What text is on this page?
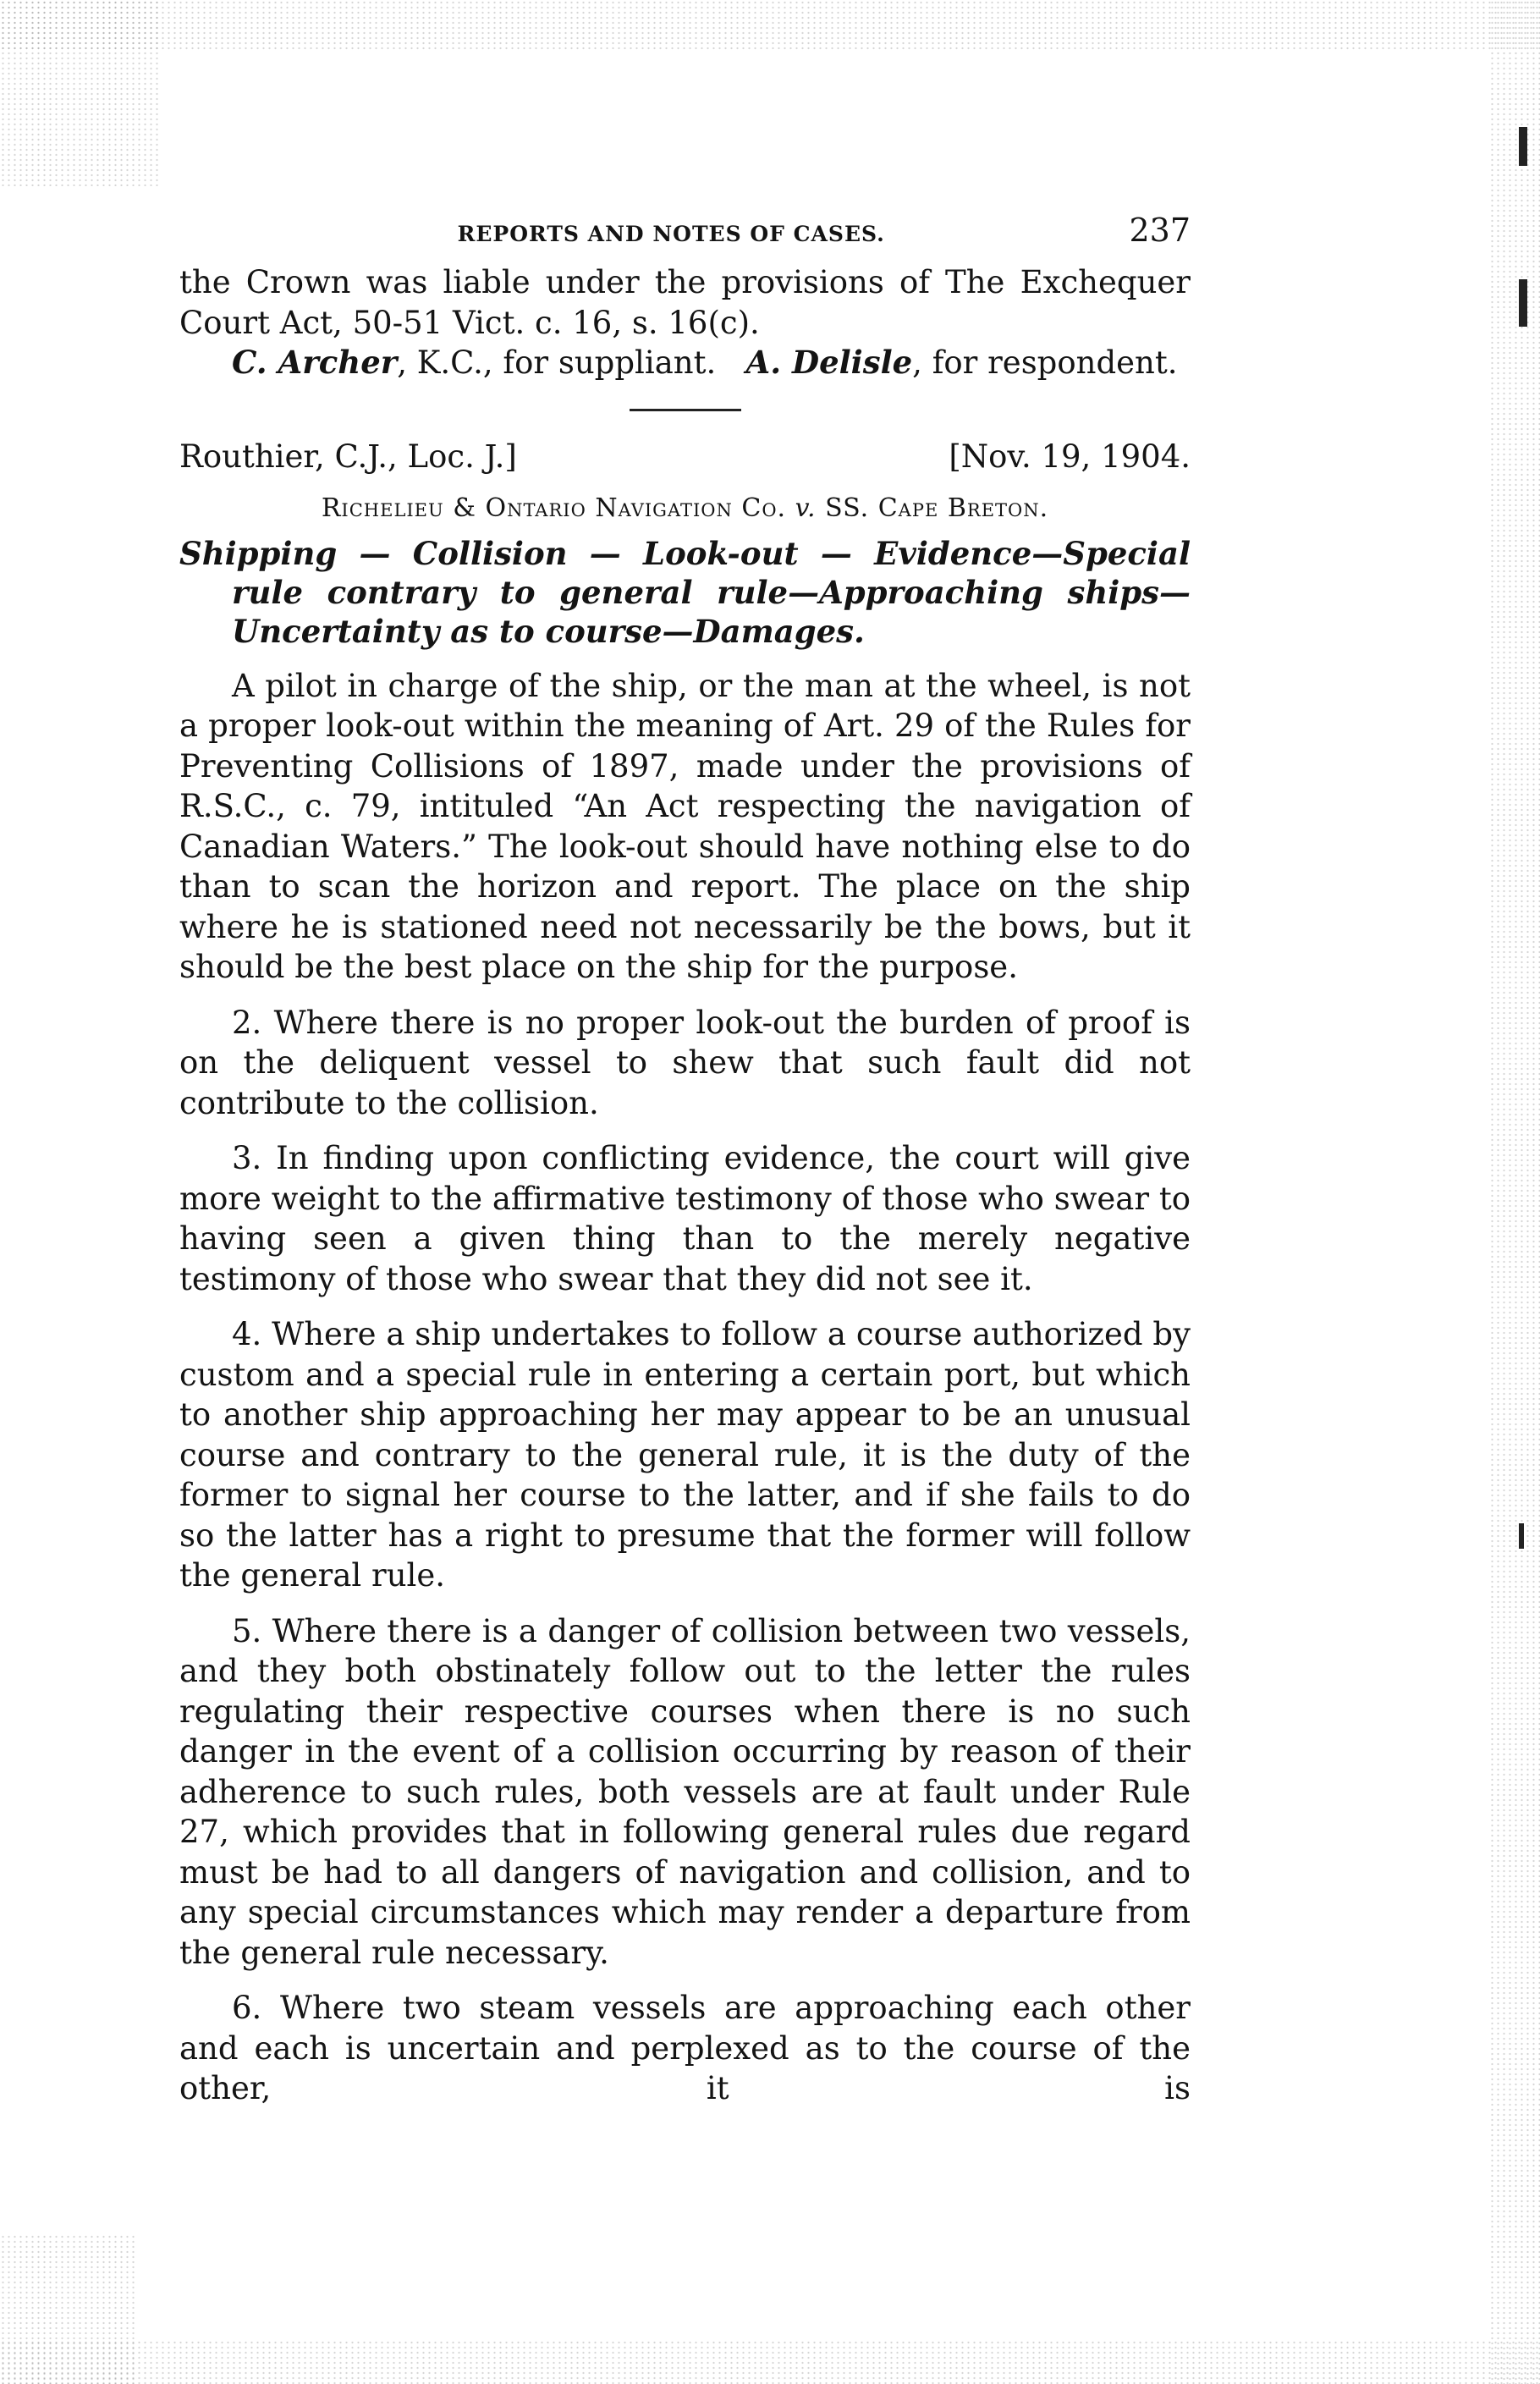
REPORTS AND NOTES OF CASES.	237

the Crown was liable under the provisions of The Exchequer Court Act, 50-51 Vict. c. 16, s. 16(c).

C. Archer, K.C., for suppliant. A. Delisle, for respondent.

Routhier, C.J., Loc. J.]	[Nov. 19, 1904.
Richelieu & Ontario Navigation Co. v. SS. Cape Breton.

Shipping — Collision — Look-out — Evidence—Special rule contrary to general rule—Approaching ships—Uncertainty as to course—Damages.

A pilot in charge of the ship, or the man at the wheel, is not a proper look-out within the meaning of Art. 29 of the Rules for Preventing Collisions of 1897, made under the provisions of R.S.C., c. 79, intituled “An Act respecting the navigation of Canadian Waters.” The look-out should have nothing else to do than to scan the horizon and report. The place on the ship where he is stationed need not necessarily be the bows, but it should be the best place on the ship for the purpose.

2. Where there is no proper look-out the burden of proof is on the deliquent vessel to shew that such fault did not contribute to the collision.

3. In finding upon conflicting evidence, the court will give more weight to the affirmative testimony of those who swear to having seen a given thing than to the merely negative testimony of those who swear that they did not see it.

4. Where a ship undertakes to follow a course authorized by custom and a special rule in entering a certain port, but which to another ship approaching her may appear to be an unusual course and contrary to the general rule, it is the duty of the former to signal her course to the latter, and if she fails to do so the latter has a right to presume that the former will follow the general rule.

5. Where there is a danger of collision between two vessels, and they both obstinately follow out to the letter the rules regulating their respective courses when there is no such danger in the event of a collision occurring by reason of their adherence to such rules, both vessels are at fault under Rule 27, which provides that in following general rules due regard must be had to all dangers of navigation and collision, and to any special circumstances which may render a departure from the general rule necessary.

6. Where two steam vessels are approaching each other and each is uncertain and perplexed as to the course of the other, it is
